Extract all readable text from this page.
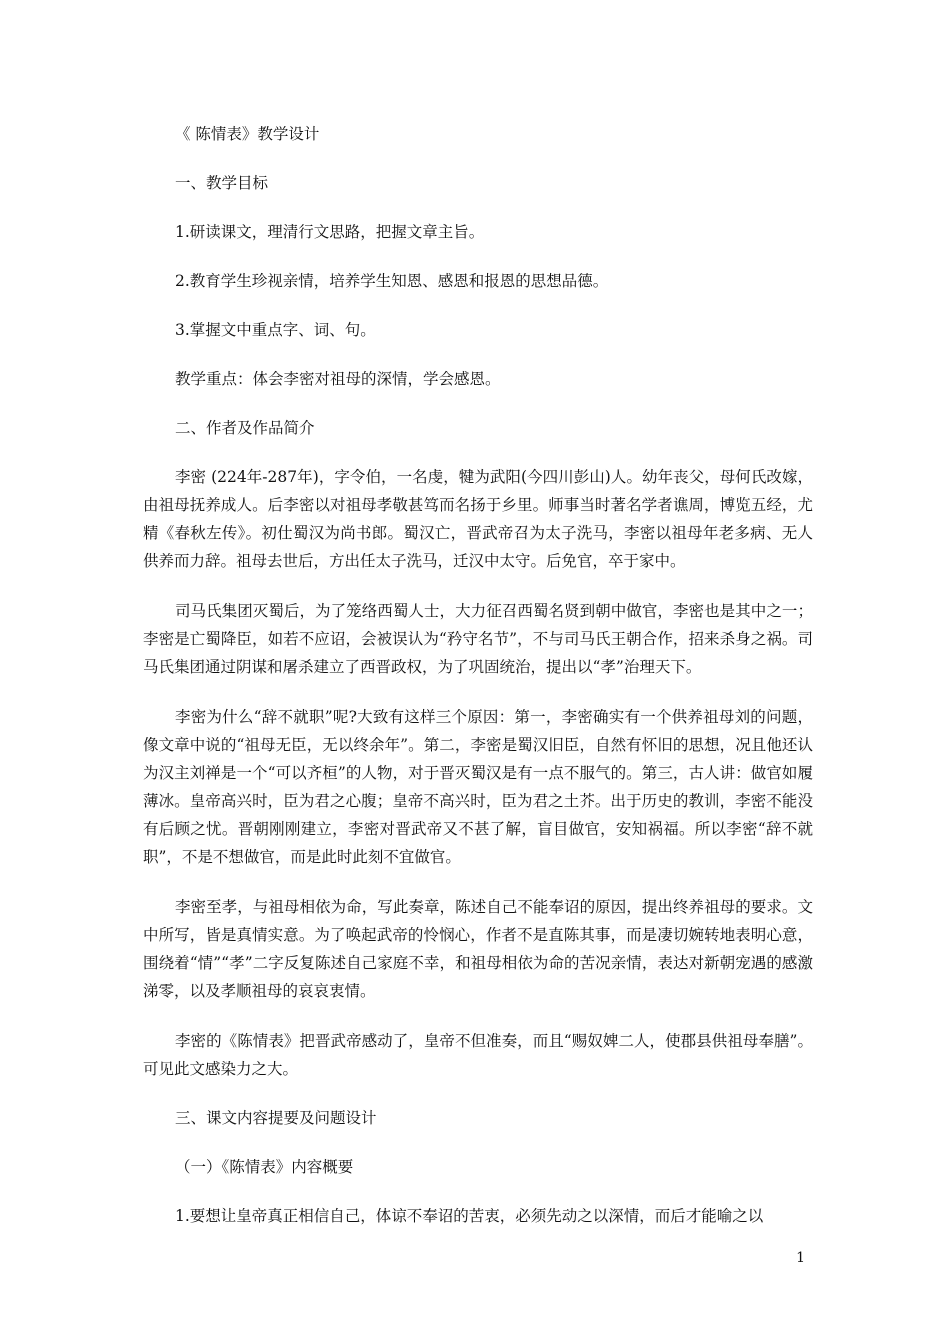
《 陈情表》教学设计

一、教学目标

1.研读课文，理清行文思路，把握文章主旨。

2.教育学生珍视亲情，培养学生知恩、感恩和报恩的思想品德。

3.掌握文中重点字、词、句。

教学重点：体会李密对祖母的深情，学会感恩。

二、作者及作品简介

李密 (224年-287年)，字令伯，一名虔，犍为武阳(今四川彭山)人。幼年丧父，母何氏改嫁，由祖母抚养成人。后李密以对祖母孝敬甚笃而名扬于乡里。师事当时著名学者谯周，博览五经，尤精《春秋左传》。初仕蜀汉为尚书郎。蜀汉亡，晋武帝召为太子洗马，李密以祖母年老多病、无人供养而力辞。祖母去世后，方出任太子洗马，迁汉中太守。后免官，卒于家中。

司马氏集团灭蜀后，为了笼络西蜀人士，大力征召西蜀名贤到朝中做官，李密也是其中之一；李密是亡蜀降臣，如若不应诏，会被误认为“矜守名节”，不与司马氏王朝合作，招来杀身之祸。司马氏集团通过阴谋和屠杀建立了西晋政权，为了巩固统治，提出以“孝”治理天下。

李密为什么“辞不就职”呢?大致有这样三个原因：第一，李密确实有一个供养祖母刘的问题，像文章中说的“祖母无臣，无以终余年”。第二，李密是蜀汉旧臣，自然有怀旧的思想，况且他还认为汉主刘禅是一个“可以齐桓”的人物，对于晋灭蜀汉是有一点不服气的。第三，古人讲：做官如履薄冰。皇帝高兴时，臣为君之心腹；皇帝不高兴时，臣为君之土芥。出于历史的教训，李密不能没有后顾之忧。晋朝刚刚建立，李密对晋武帝又不甚了解，盲目做官，安知祸福。所以李密“辞不就职”，不是不想做官，而是此时此刻不宜做官。

李密至孝，与祖母相依为命，写此奏章，陈述自己不能奉诏的原因，提出终养祖母的要求。文中所写，皆是真情实意。为了唤起武帝的怜悯心，作者不是直陈其事，而是凄切婉转地表明心意，围绕着“情”“孝”二字反复陈述自己家庭不幸，和祖母相依为命的苦况亲情，表达对新朝宠遇的感激涕零，以及孝顺祖母的哀哀衷情。

李密的《陈情表》把晋武帝感动了，皇帝不但准奏，而且“赐奴婢二人，使郡县供祖母奉膳”。可见此文感染力之大。

三、课文内容提要及问题设计

（一）《陈情表》内容概要

1.要想让皇帝真正相信自己，体谅不奉诏的苦衷，必须先动之以深情，而后才能喻之以

1
